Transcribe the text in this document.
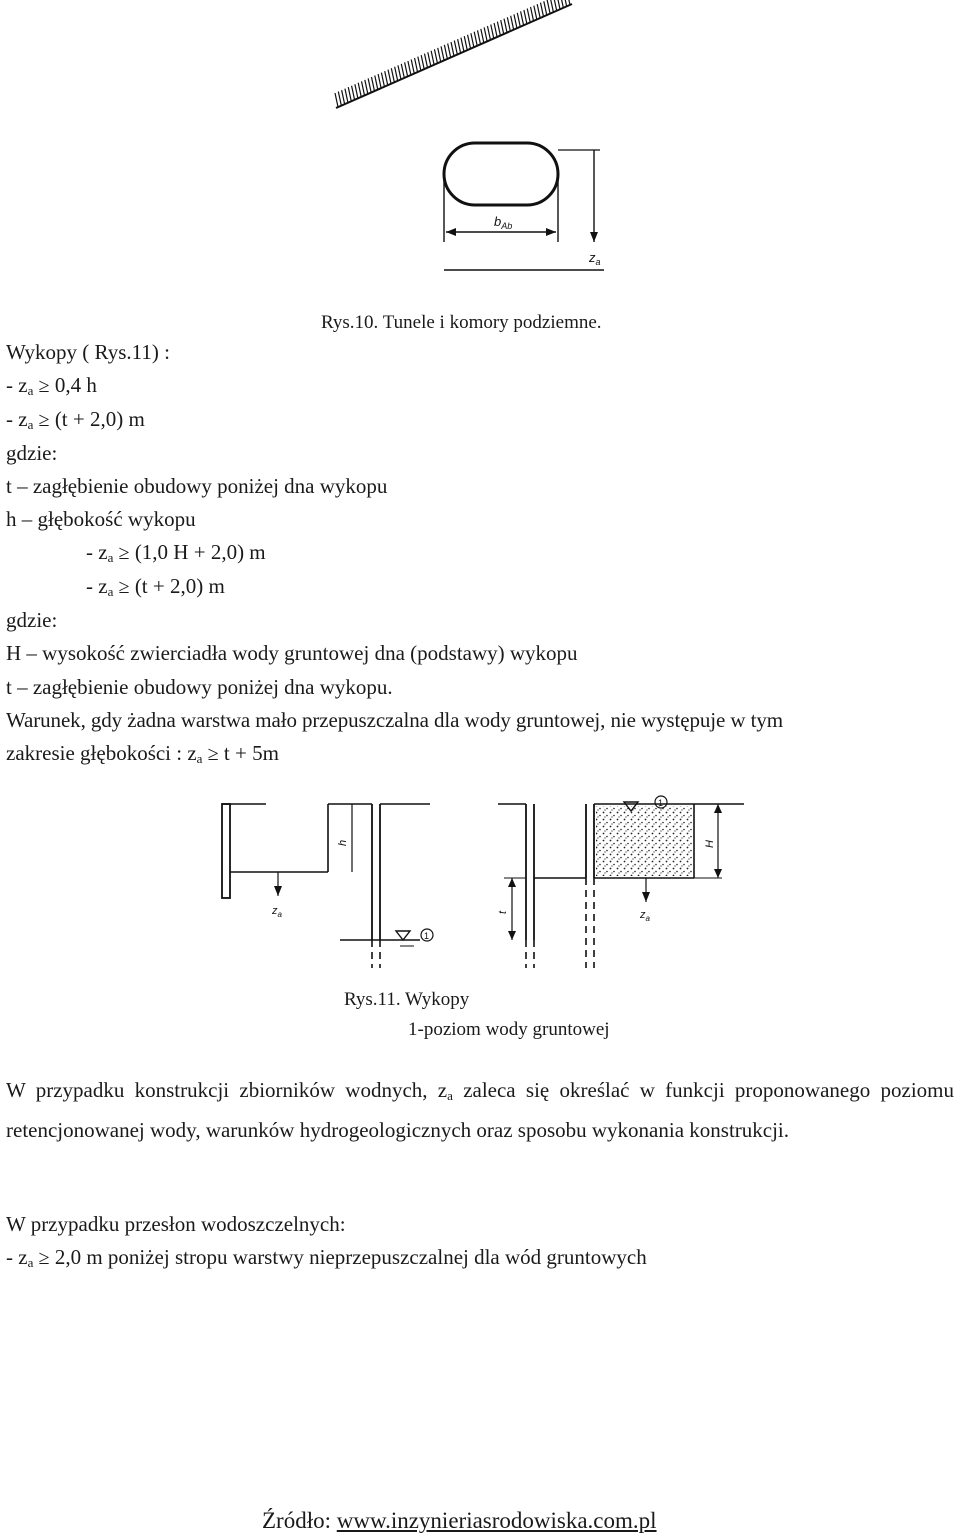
$b_{Ab}$
$z_a$
Rys.10. Tunele i komory podziemne.
Wykopy ( Rys.11) :
- $z_a \ge 0,4$ h
- $z_a \ge (t + 2,0)$ m
gdzie:
t – zagłębienie obudowy poniżej dna wykopu
h – głębokość wykopu
- $z_a \ge (1,0$ H + 2,0) m
- $z_a \ge (t + 2,0)$ m
gdzie:
H – wysokość zwierciadła wody gruntowej dna (podstawy) wykopu
t – zagłębienie obudowy poniżej dna wykopu.
Warunek, gdy żadna warstwa mało przepuszczalna dla wody gruntowej, nie występuje w tym
zakresie głębokości : $z_a \ge t + 5m$
h
$z_a$
1
t
H
$z_a$
1
Rys.11. Wykopy
1-poziom wody gruntowej
W przypadku konstrukcji zbiorników wodnych, $z_a$ zaleca się określać w funkcji proponowanego poziomu retencjonowanej wody, warunków hydrogeologicznych oraz sposobu wykonania konstrukcji.
W przypadku przesłon wodoszczelnych:
- $z_a \ge 2,0$ m poniżej stropu warstwy nieprzepuszczalnej dla wód gruntowych
Źródło: www.inzynieriasrodowiska.com.pl
